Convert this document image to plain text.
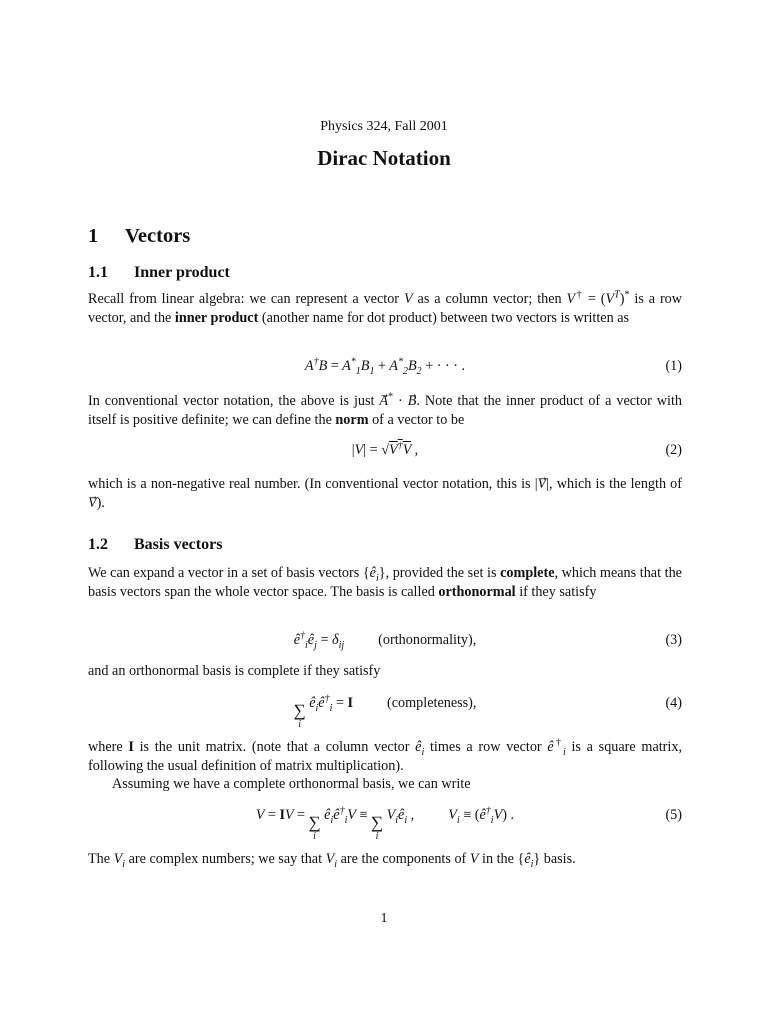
Physics 324, Fall 2001
Dirac Notation
1 Vectors
1.1 Inner product

Recall from linear algebra: we can represent a vector V as a column vector; then $V^\dagger = (V^T)^*$ is a row vector, and the inner product (another name for dot product) between two vectors is written as

$A^\dagger B = A^*_1B_1 + A^*_2B_2$ + · · · .	(1)

In conventional vector notation, the above is just A* · B. Note that the inner product of a vector with itself is positive definite; we can define the norm of a vector to be

|V| = √V†V ,	(2)

which is a non-negative real number. (In conventional vector notation, this is |V⃗|, which is the length of V).

1.2 Basis vectors

We can expand a vector in a set of basis vectors $\{ê_i\}$, provided the set is complete, which means that the basis vectors span the whole vector space. The basis is called orthonormal if they satisfy

$ê^\dagger_iê_j = \delta_{ij}$ (orthonormality),	(3)
and an orthonormal basis is complete if they satisfy
∑
i
$ê_iê^\dagger_i = I$ (completeness),	(4)

where I is the unit matrix. (note that a column vector $ê_i$ times a row vector $ê^\dagger_i$ is a square matrix, following the usual definition of matrix multiplication).

Assuming we have a complete orthonormal basis, we can write

V = IV = ∑
i
$ê_iê^\dagger_iV$ ≡ ∑
i
$V_iê_i$ , $V_i$ ≡ $(ê^\dagger_iV)$ .	(5)

The $V_i$ are complex numbers; we say that $V_i$ are the components of V in the $\{ê_i\}$ basis.

1
